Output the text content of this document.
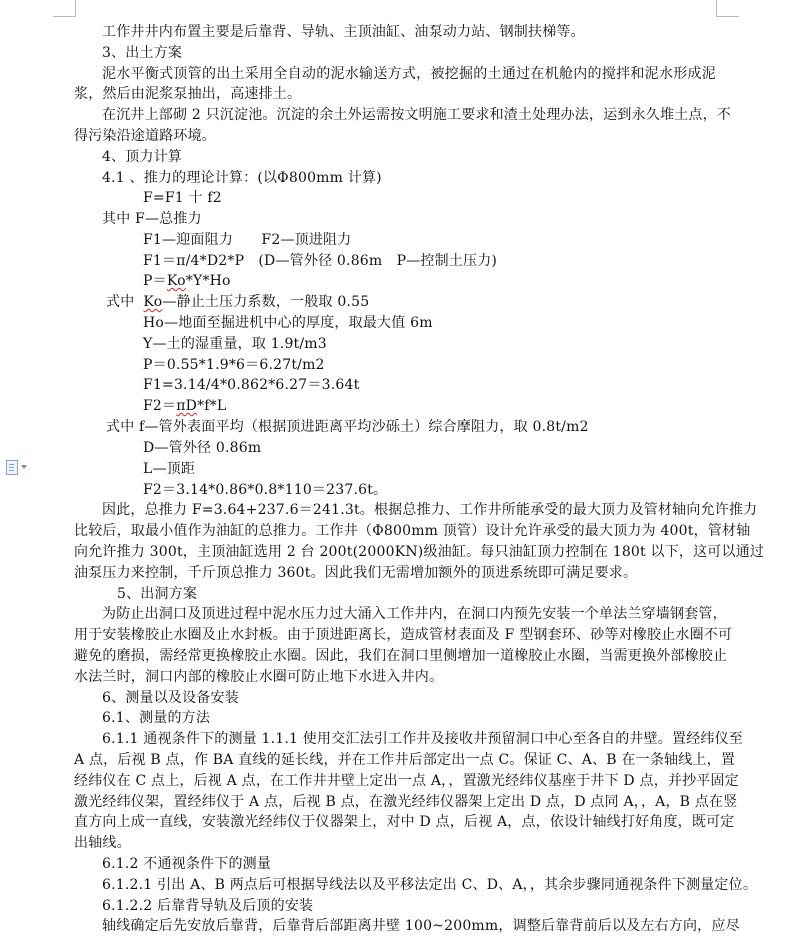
工作井井内布置主要是后靠背、导轨、主顶油缸、油泵动力站、钢制扶梯等。
3、出土方案
泥水平衡式顶管的出土采用全自动的泥水输送方式，被挖掘的土通过在机舱内的搅拌和泥水形成泥
浆，然后由泥浆泵抽出，高速排土。
在沉井上部砌 2 只沉淀池。沉淀的余土外运需按文明施工要求和渣土处理办法，运到永久堆土点，不
得污染沿途道路环境。
4、顶力计算
4.1 、推力的理论计算：(以Φ800mm 计算)
F=F1 十 f2
其中 F—总推力
F1—迎面阻力　　F2—顶进阻力
F1＝π/4*D2*P　(D—管外径 0.86m　P—控制土压力)
P＝Ko*Υ*Ho
式中 Ko—静止土压力系数，一般取 0.55
Ho—地面至掘进机中心的厚度，取最大值 6m
Υ—土的湿重量，取 1.9t/m3
P＝0.55*1.9*6＝6.27t/m2
F1=3.14/4*0.862*6.27＝3.64t
F2＝πD*f*L
式中 f—管外表面平均（根据顶进距离平均沙砾土）综合摩阻力，取 0.8t/m2
D—管外径 0.86m
L—顶距
F2＝3.14*0.86*0.8*110＝237.6t。
因此，总推力 F=3.64+237.6＝241.3t。根据总推力、工作井所能承受的最大顶力及管材轴向允许推力
比较后，取最小值作为油缸的总推力。工作井（Φ800mm 顶管）设计允许承受的最大顶力为 400t，管材轴
向允许推力 300t，主顶油缸选用 2 台 200t(2000KN)级油缸。每只油缸顶力控制在 180t 以下，这可以通过
油泵压力来控制，千斤顶总推力 360t。因此我们无需增加额外的顶进系统即可满足要求。
5、出洞方案
为防止出洞口及顶进过程中泥水压力过大涌入工作井内，在洞口内预先安装一个单法兰穿墙钢套管，
用于安装橡胶止水圈及止水封板。由于顶进距离长，造成管材表面及 F 型钢套环、砂等对橡胶止水圈不可
避免的磨损，需经常更换橡胶止水圈。因此，我们在洞口里侧增加一道橡胶止水圈，当需更换外部橡胶止
水法兰时，洞口内部的橡胶止水圈可防止地下水进入井内。
6、测量以及设备安装
6.1、测量的方法
6.1.1 通视条件下的测量 1.1.1 使用交汇法引工作井及接收井预留洞口中心至各自的井壁。置经纬仪至
A 点，后视 B 点，作 BA 直线的延长线，并在工作井后部定出一点 C。保证 C、A、B 在一条轴线上，置
经纬仪在 C 点上，后视 A 点，在工作井井壁上定出一点 A，，置激光经纬仪基座于井下 D 点，并抄平固定
激光经纬仪架，置经纬仪于 A 点，后视 B 点，在激光经纬仪器架上定出 D 点，D 点同 A，，A，B 点在竖
直方向上成一直线，安装激光经纬仪于仪器架上，对中 D 点，后视 A，点，依设计轴线打好角度，既可定
出轴线。
6.1.2 不通视条件下的测量
6.1.2.1 引出 A、B 两点后可根据导线法以及平移法定出 C、D、A，，其余步骤同通视条件下测量定位。
6.1.2.2 后靠背导轨及后顶的安装
轴线确定后先安放后靠背，后靠背后部距离井壁 100~200mm，调整后靠背前后以及左右方向，应尽
